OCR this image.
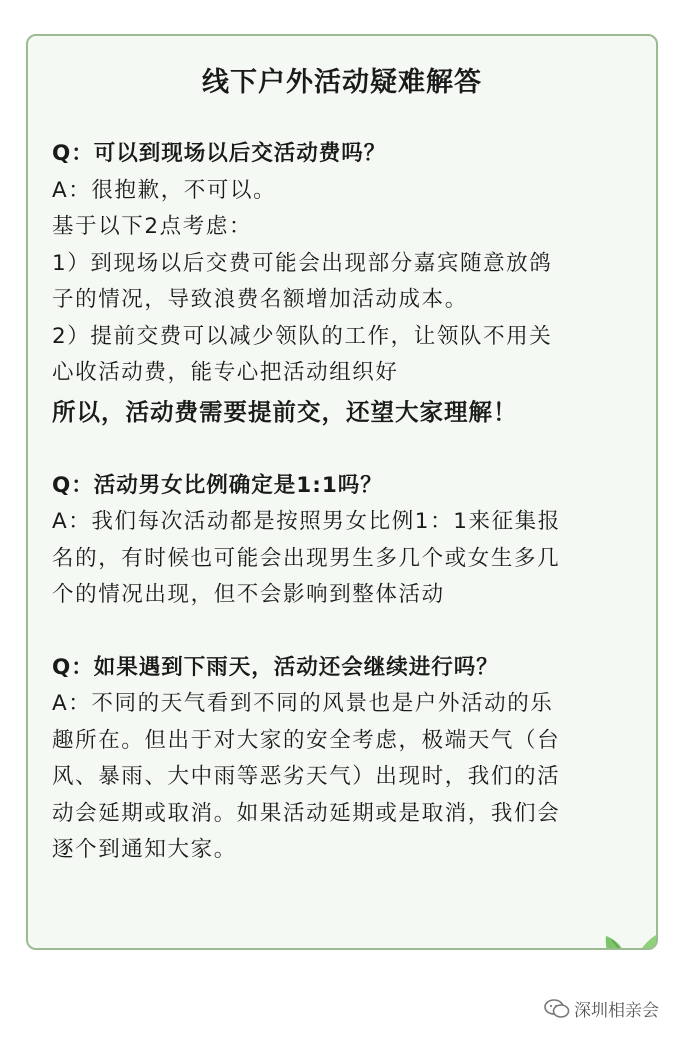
线下户外活动疑难解答
Q：可以到现场以后交活动费吗？
A：很抱歉，不可以。
基于以下2点考虑：
1）到现场以后交费可能会出现部分嘉宾随意放鸽
子的情况，导致浪费名额增加活动成本。
2）提前交费可以减少领队的工作，让领队不用关
心收活动费，能专心把活动组织好
所以，活动费需要提前交，还望大家理解！
Q：活动男女比例确定是1:1吗？
A：我们每次活动都是按照男女比例1：1来征集报
名的，有时候也可能会出现男生多几个或女生多几
个的情况出现，但不会影响到整体活动
Q：如果遇到下雨天，活动还会继续进行吗？
A：不同的天气看到不同的风景也是户外活动的乐
趣所在。但出于对大家的安全考虑，极端天气（台
风、暴雨、大中雨等恶劣天气）出现时，我们的活
动会延期或取消。如果活动延期或是取消，我们会
逐个到通知大家。
深圳相亲会
